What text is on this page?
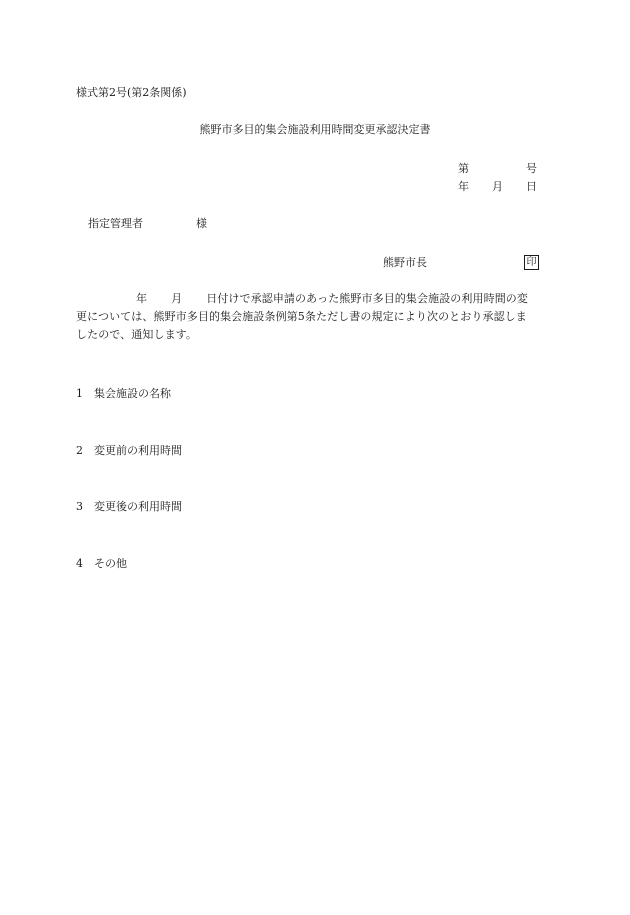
様式第2号(第2条関係)
熊野市多目的集会施設利用時間変更承認決定書
第	号
年	月	日
指定管理者	様
熊野市長	印
年 月 日付けで承認申請のあった熊野市多目的集会施設の利用時間の変
更については、熊野市多目的集会施設条例第5条ただし書の規定により次のとおり承認しま
したので、通知します。
1	集会施設の名称
2	変更前の利用時間
3	変更後の利用時間
4	その他
